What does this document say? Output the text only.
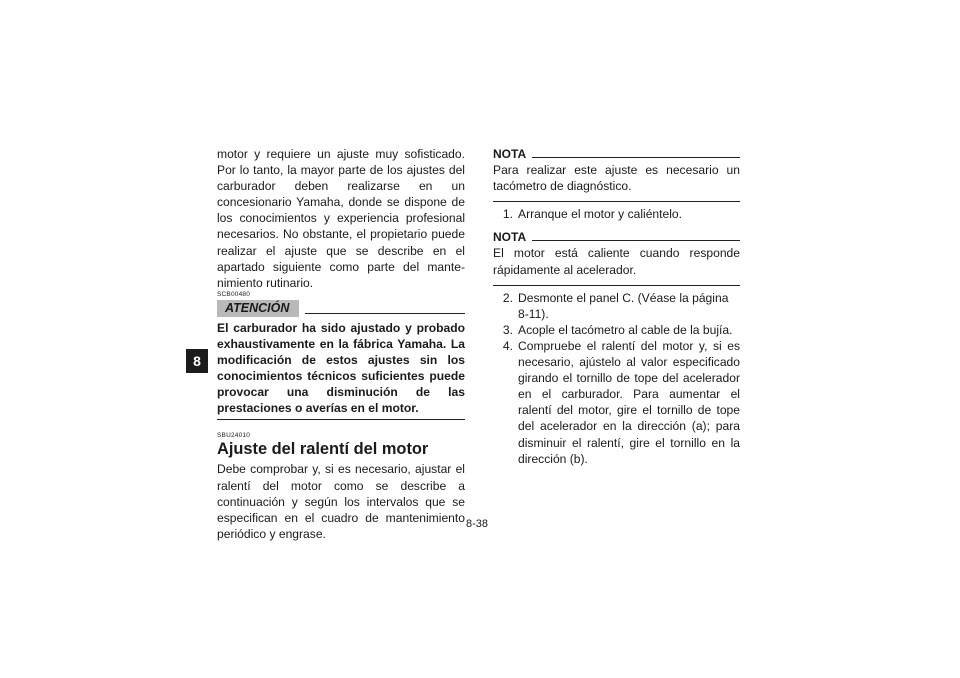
8

motor y requiere un ajuste muy sofisticado. Por lo tanto, la mayor parte de los ajustes del carburador deben realizarse en un concesionario Yamaha, donde se dispone de los conocimientos y experiencia profesional necesarios. No obstante, el propietario puede realizar el ajuste que se describe en el apartado siguiente como parte del mantenimiento rutinario.

SCB00480
ATENCIÓN

El carburador ha sido ajustado y probado exhaustivamente en la fábrica Yamaha. La modificación de estos ajustes sin los conocimientos técnicos suficientes puede provocar una disminución de las prestaciones o averías en el motor.

SBU24010
Ajuste del ralentí del motor

Debe comprobar y, si es necesario, ajustar el ralentí del motor como se describe a continuación y según los intervalos que se especifican en el cuadro de mantenimiento periódico y engrase.

NOTA

Para realizar este ajuste es necesario un tacómetro de diagnóstico.

1. Arranque el motor y caliéntelo.
NOTA

El motor está caliente cuando responde rápidamente al acelerador.

2. Desmonte el panel C. (Véase la página 8-11).
3. Acople el tacómetro al cable de la bujía.
4. Compruebe el ralentí del motor y, si es necesario, ajústelo al valor especificado girando el tornillo de tope del acelerador en el carburador. Para aumentar el ralentí del motor, gire el tornillo de tope del acelerador en la dirección (a); para disminuir el ralentí, gire el tornillo en la dirección (b).
8-38
